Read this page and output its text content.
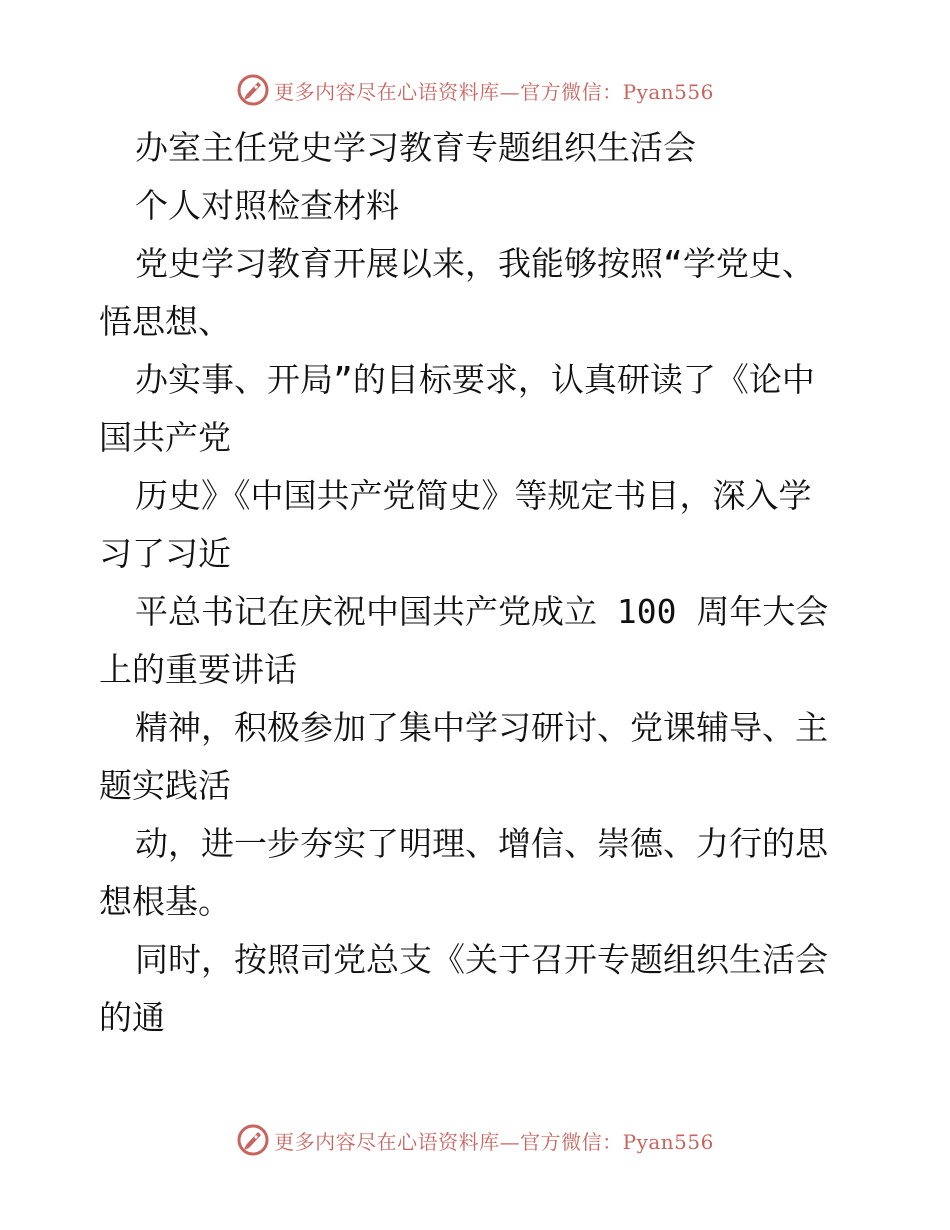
更多内容尽在心语资料库—官方微信：Pyan556
办室主任党史学习教育专题组织生活会
个人对照检查材料
党史学习教育开展以来，我能够按照“学党史、
悟思想、
办实事、开局”的目标要求，认真研读了《论中
国共产党
历史》《中国共产党简史》等规定书目，深入学
习了习近
平总书记在庆祝中国共产党成立 100 周年大会
上的重要讲话
精神，积极参加了集中学习研讨、党课辅导、主
题实践活
动，进一步夯实了明理、增信、崇德、力行的思
想根基。
同时，按照司党总支《关于召开专题组织生活会
的通
更多内容尽在心语资料库—官方微信：Pyan556
